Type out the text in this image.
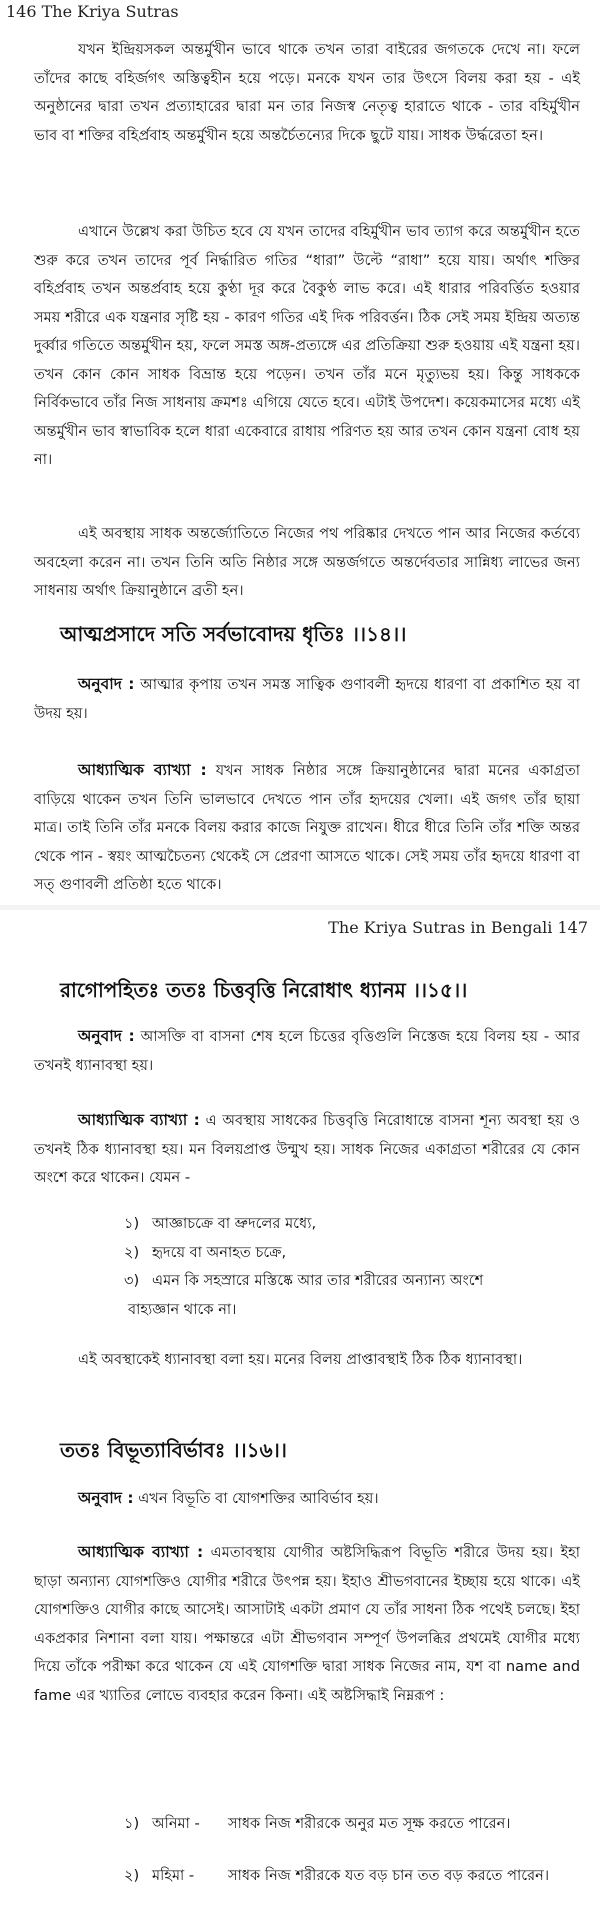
146 The Kriya Sutras

যখন ইন্দ্রিয়সকল অন্তর্মুখীন ভাবে থাকে তখন তারা বাইরের জগতকে দেখে না। ফলে তাঁদের কাছে বহির্জগৎ অস্তিত্বহীন হয়ে পড়ে। মনকে যখন তার উৎসে বিলয় করা হয় - এই অনুষ্ঠানের দ্বারা তখন প্রত্যাহারের দ্বারা মন তার নিজস্ব নেতৃত্ব হারাতে থাকে - তার বহির্মুখীন ভাব বা শক্তির বহির্প্রবাহ অন্তর্মুখীন হয়ে অন্তর্চৈতন্যের দিকে ছুটে যায়। সাধক উর্দ্ধরেতা হন।

এখানে উল্লেখ করা উচিত হবে যে যখন তাদের বহির্মুখীন ভাব ত্যাগ করে অন্তর্মুখীন হতে শুরু করে তখন তাদের পূর্ব নির্দ্ধারিত গতির “ধারা” উল্টে “রাধা” হয়ে যায়। অর্থাৎ শক্তির বহির্প্রবাহ তখন অন্তর্প্রবাহ হয়ে কুণ্ঠা দূর করে বৈকুণ্ঠ লাভ করে। এই ধারার পরিবর্ত্তিত হওয়ার সময় শরীরে এক যন্ত্রনার সৃষ্টি হয় - কারণ গতির এই দিক পরিবর্ত্তন। ঠিক সেই সময় ইন্দ্রিয় অত্যন্ত দুর্ব্বার গতিতে অন্তর্মুখীন হয়, ফলে সমস্ত অঙ্গ-প্রত্যঙ্গে এর প্রতিক্রিয়া শুরু হওয়ায় এই যন্ত্রনা হয়। তখন কোন কোন সাধক বিভ্রান্ত হয়ে পড়েন। তখন তাঁর মনে মৃত্যুভয় হয়। কিন্তু সাধককে নির্বিকভাবে তাঁর নিজ সাধনায় ক্রমশঃ এগিয়ে যেতে হবে। এটাই উপদেশ। কয়েকমাসের মধ্যে এই অন্তর্মুখীন ভাব স্বাভাবিক হলে ধারা একেবারে রাধায় পরিণত হয় আর তখন কোন যন্ত্রনা বোধ হয় না।

এই অবস্থায় সাধক অন্তর্জ্যোতিতে নিজের পথ পরিষ্কার দেখতে পান আর নিজের কর্তব্যে অবহেলা করেন না। তখন তিনি অতি নিষ্ঠার সঙ্গে অন্তর্জগতে অন্তর্দেবতার সান্নিধ্য লাভের জন্য সাধনায় অর্থাৎ ক্রিয়ানুষ্ঠানে ব্রতী হন।

আত্মপ্রসাদে সতি সর্বভাবোদয় ধৃতিঃ ।।১৪।।

অনুবাদ : আত্মার কৃপায় তখন সমস্ত সাত্বিক গুণাবলী হৃদয়ে ধারণা বা প্রকাশিত হয় বা উদয় হয়।

আধ্যাত্মিক ব্যাখ্যা : যখন সাধক নিষ্ঠার সঙ্গে ক্রিয়ানুষ্ঠানের দ্বারা মনের একাগ্রতা বাড়িয়ে থাকেন তখন তিনি ভালভাবে দেখতে পান তাঁর হৃদয়ের খেলা। এই জগৎ তাঁর ছায়া মাত্র। তাই তিনি তাঁর মনকে বিলয় করার কাজে নিযুক্ত রাখেন। ধীরে ধীরে তিনি তাঁর শক্তি অন্তর থেকে পান - স্বয়ং আত্মচৈতন্য থেকেই সে প্রেরণা আসতে থাকে। সেই সময় তাঁর হৃদয়ে ধারণা বা সত্ গুণাবলী প্রতিষ্ঠা হতে থাকে।

The Kriya Sutras in Bengali 147

রাগোপহিতঃ ততঃ চিত্তবৃত্তি নিরোধাৎ ধ্যানম ।।১৫।।

অনুবাদ : আসক্তি বা বাসনা শেষ হলে চিত্তের বৃত্তিগুলি নিস্তেজ হয়ে বিলয় হয় - আর তখনই ধ্যানাবস্থা হয়।

আধ্যাত্মিক ব্যাখ্যা : এ অবস্থায় সাধকের চিত্তবৃত্তি নিরোধান্তে বাসনা শূন্য অবস্থা হয় ও তখনই ঠিক ধ্যানাবস্থা হয়। মন বিলয়প্রাপ্ত উন্মুখ হয়। সাধক নিজের একাগ্রতা শরীরের যে কোন অংশে করে থাকেন। যেমন -

১) আজ্ঞাচক্রে বা ভ্রুদলের মধ্যে,
২) হৃদয়ে বা অনাহত চক্রে,
৩) এমন কি সহস্রারে মস্তিষ্কে আর তার শরীরের অন্যান্য অংশে

বাহ্যজ্ঞান থাকে না।

এই অবস্থাকেই ধ্যানাবস্থা বলা হয়। মনের বিলয় প্রাপ্তাবস্থাই ঠিক ঠিক ধ্যানাবস্থা।

ততঃ বিভূত্যাবির্ভাবঃ ।।১৬।।

অনুবাদ : এখন বিভূতি বা যোগশক্তির আবির্ভাব হয়।

আধ্যাত্মিক ব্যাখ্যা : এমতাবস্থায় যোগীর অষ্টসিদ্ধিরূপ বিভূতি শরীরে উদয় হয়। ইহা ছাড়া অন্যান্য যোগশক্তিও যোগীর শরীরে উৎপন্ন হয়। ইহাও শ্রীভগবানের ইচ্ছায় হয়ে থাকে। এই যোগশক্তিও যোগীর কাছে আসেই। আসাটাই একটা প্রমাণ যে তাঁর সাধনা ঠিক পথেই চলছে। ইহা একপ্রকার নিশানা বলা যায়। পক্ষান্তরে এটা শ্রীভগবান সম্পূর্ণ উপলব্ধির প্রথমেই যোগীর মধ্যে দিয়ে তাঁকে পরীক্ষা করে থাকেন যে এই যোগশক্তি দ্বারা সাধক নিজের নাম, যশ বা name and fame এর খ্যাতির লোভে ব্যবহার করেন কিনা। এই অষ্টসিদ্ধাই নিম্নরূপ :

১) অনিমা - সাধক নিজ শরীরকে অনুর মত সূক্ষ করতে পারেন।
২) মহিমা - সাধক নিজ শরীরকে যত বড় চান তত বড় করতে পারেন।
